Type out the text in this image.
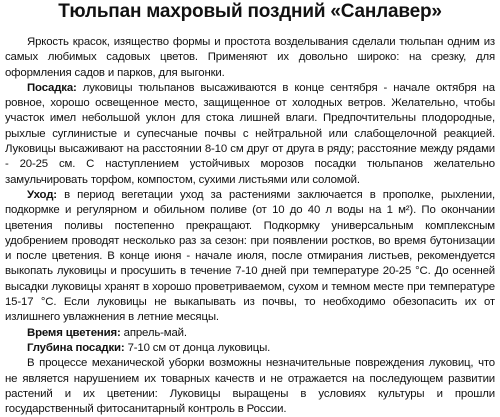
Тюльпан махровый поздний «Санлавер»

Яркость красок, изящество формы и простота возделывания сделали тюльпан одним из самых любимых садовых цветов. Применяют их довольно широко: на срезку, для оформления садов и парков, для выгонки.

Посадка: луковицы тюльпанов высаживаются в конце сентября - начале октября на ровное, хорошо освещенное место, защищенное от холодных ветров. Желательно, чтобы участок имел небольшой уклон для стока лишней влаги. Предпочтительны плодородные, рыхлые суглинистые и супесчаные почвы с нейтральной или слабощелочной реакцией. Луковицы высаживают на расстоянии 8-10 см друг от друга в ряду; расстояние между рядами - 20-25 см. С наступлением устойчивых морозов посадки тюльпанов желательно замульчировать торфом, компостом, сухими листьями или соломой.

Уход: в период вегетации уход за растениями заключается в прополке, рыхлении, подкормке и регулярном и обильном поливе (от 10 до 40 л воды на 1 м²). По окончании цветения поливы постепенно прекращают. Подкормку универсальным комплексным удобрением проводят несколько раз за сезон: при появлении ростков, во время бутонизации и после цветения. В конце июня - начале июля, после отмирания листьев, рекомендуется выкопать луковицы и просушить в течение 7-10 дней при температуре 20-25 °С. До осенней высадки луковицы хранят в хорошо проветриваемом, сухом и темном месте при температуре 15-17 °С. Если луковицы не выкапывать из почвы, то необходимо обезопасить их от излишнего увлажнения в летние месяцы.

Время цветения: апрель-май.

Глубина посадки: 7-10 см от донца луковицы.

В процессе механической уборки возможны незначительные повреждения луковиц, что не является нарушением их товарных качеств и не отражается на последующем развитии растений и их цветении: Луковицы выращены в условиях культуры и прошли государственный фитосанитарный контроль в России.
